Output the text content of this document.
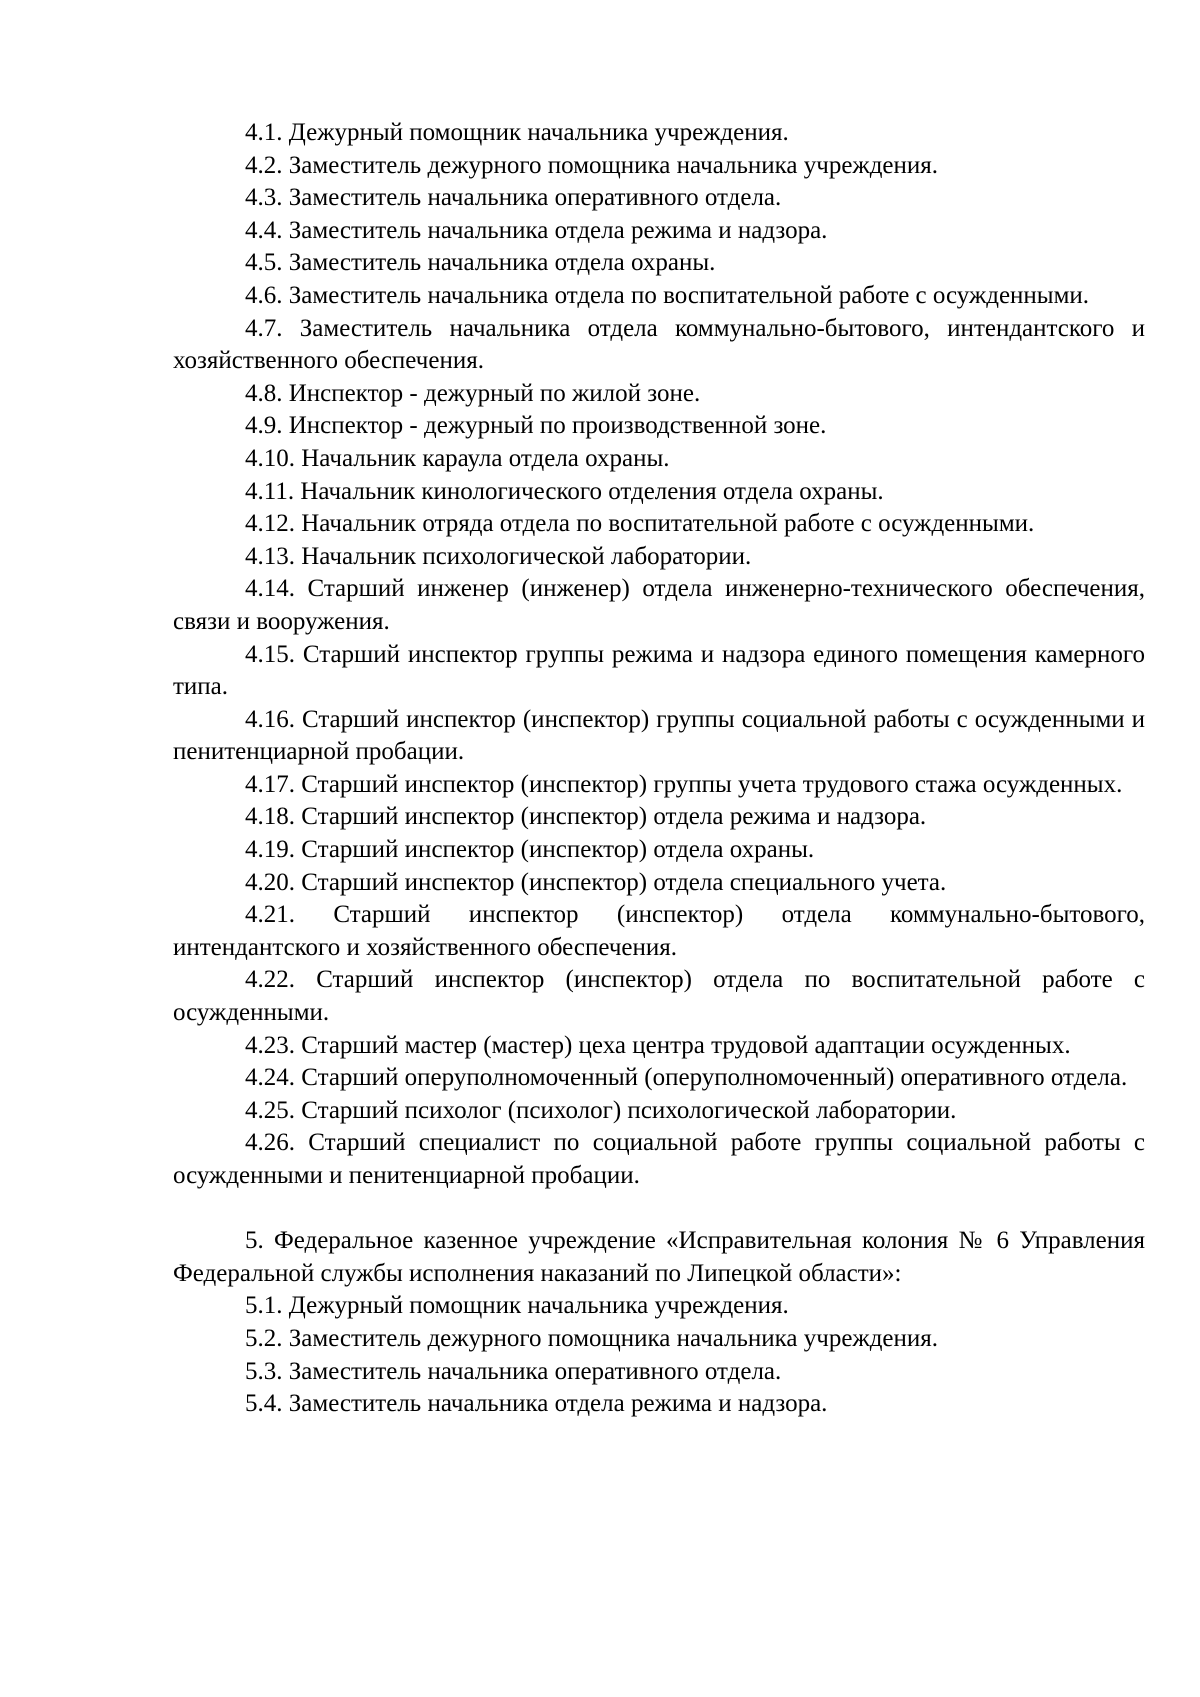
4.1. Дежурный помощник начальника учреждения.

4.2. Заместитель дежурного помощника начальника учреждения.

4.3. Заместитель начальника оперативного отдела.

4.4. Заместитель начальника отдела режима и надзора.

4.5. Заместитель начальника отдела охраны.

4.6. Заместитель начальника отдела по воспитательной работе с осужденными.

4.7. Заместитель начальника отдела коммунально-бытового, интендантского и хозяйственного обеспечения.

4.8. Инспектор - дежурный по жилой зоне.

4.9. Инспектор - дежурный по производственной зоне.

4.10. Начальник караула отдела охраны.

4.11. Начальник кинологического отделения отдела охраны.

4.12. Начальник отряда отдела по воспитательной работе с осужденными.

4.13. Начальник психологической лаборатории.

4.14. Старший инженер (инженер) отдела инженерно-технического обеспечения, связи и вооружения.

4.15. Старший инспектор группы режима и надзора единого помещения камерного типа.

4.16. Старший инспектор (инспектор) группы социальной работы с осужденными и пенитенциарной пробации.

4.17. Старший инспектор (инспектор) группы учета трудового стажа осужденных.

4.18. Старший инспектор (инспектор) отдела режима и надзора.

4.19. Старший инспектор (инспектор) отдела охраны.

4.20. Старший инспектор (инспектор) отдела специального учета.

4.21. Старший инспектор (инспектор) отдела коммунально-бытового, интендантского и хозяйственного обеспечения.

4.22. Старший инспектор (инспектор) отдела по воспитательной работе с осужденными.

4.23. Старший мастер (мастер) цеха центра трудовой адаптации осужденных.

4.24. Старший оперуполномоченный (оперуполномоченный) оперативного отдела.

4.25. Старший психолог (психолог) психологической лаборатории.

4.26. Старший специалист по социальной работе группы социальной работы с осужденными и пенитенциарной пробации.

5. Федеральное казенное учреждение «Исправительная колония № 6 Управления Федеральной службы исполнения наказаний по Липецкой области»:

5.1. Дежурный помощник начальника учреждения.

5.2. Заместитель дежурного помощника начальника учреждения.

5.3. Заместитель начальника оперативного отдела.

5.4. Заместитель начальника отдела режима и надзора.
